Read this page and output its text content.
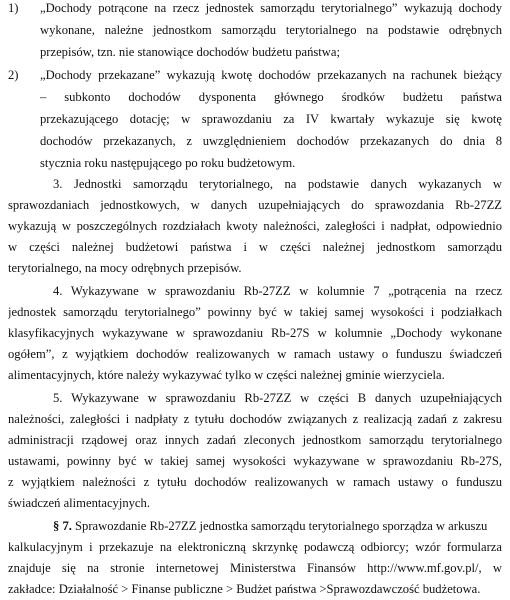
1) „Dochody potrącone na rzecz jednostek samorządu terytorialnego” wykazują dochody
wykonane, należne jednostkom samorządu terytorialnego na podstawie odrębnych
przepisów, tzn. nie stanowiące dochodów budżetu państwa;
2) „Dochody przekazane” wykazują kwotę dochodów przekazanych na rachunek bieżący
– subkonto dochodów dysponenta głównego środków budżetu państwa
przekazującego dotację; w sprawozdaniu za IV kwartały wykazuje się kwotę
dochodów przekazanych, z uwzględnieniem dochodów przekazanych do dnia 8
stycznia roku następującego po roku budżetowym.
3. Jednostki samorządu terytorialnego, na podstawie danych wykazanych w
sprawozdaniach jednostkowych, w danych uzupełniających do sprawozdania Rb-27ZZ
wykazują w poszczególnych rozdziałach kwoty należności, zaległości i nadpłat, odpowiednio
w części należnej budżetowi państwa i w części należnej jednostkom samorządu
terytorialnego, na mocy odrębnych przepisów.
4. Wykazywane w sprawozdaniu Rb-27ZZ w kolumnie 7 „potrącenia na rzecz
jednostek samorządu terytorialnego” powinny być w takiej samej wysokości i podziałkach
klasyfikacyjnych wykazywane w sprawozdaniu Rb-27S w kolumnie „Dochody wykonane
ogółem”, z wyjątkiem dochodów realizowanych w ramach ustawy o funduszu świadczeń
alimentacyjnych, które należy wykazywać tylko w części należnej gminie wierzyciela.
5. Wykazywane w sprawozdaniu Rb-27ZZ w części B danych uzupełniających
należności, zaległości i nadpłaty z tytułu dochodów związanych z realizacją zadań z zakresu
administracji rządowej oraz innych zadań zleconych jednostkom samorządu terytorialnego
ustawami, powinny być w takiej samej wysokości wykazywane w sprawozdaniu Rb-27S,
z wyjątkiem należności z tytułu dochodów realizowanych w ramach ustawy o funduszu
świadczeń alimentacyjnych.
§ 7. Sprawozdanie Rb-27ZZ jednostka samorządu terytorialnego sporządza w arkuszu
kalkulacyjnym i przekazuje na elektroniczną skrzynkę podawczą odbiorcy; wzór formularza
znajduje się na stronie internetowej Ministerstwa Finansów http://www.mf.gov.pl/, w
zakładce: Działalność > Finanse publiczne > Budżet państwa >Sprawozdawczość budżetowa.
